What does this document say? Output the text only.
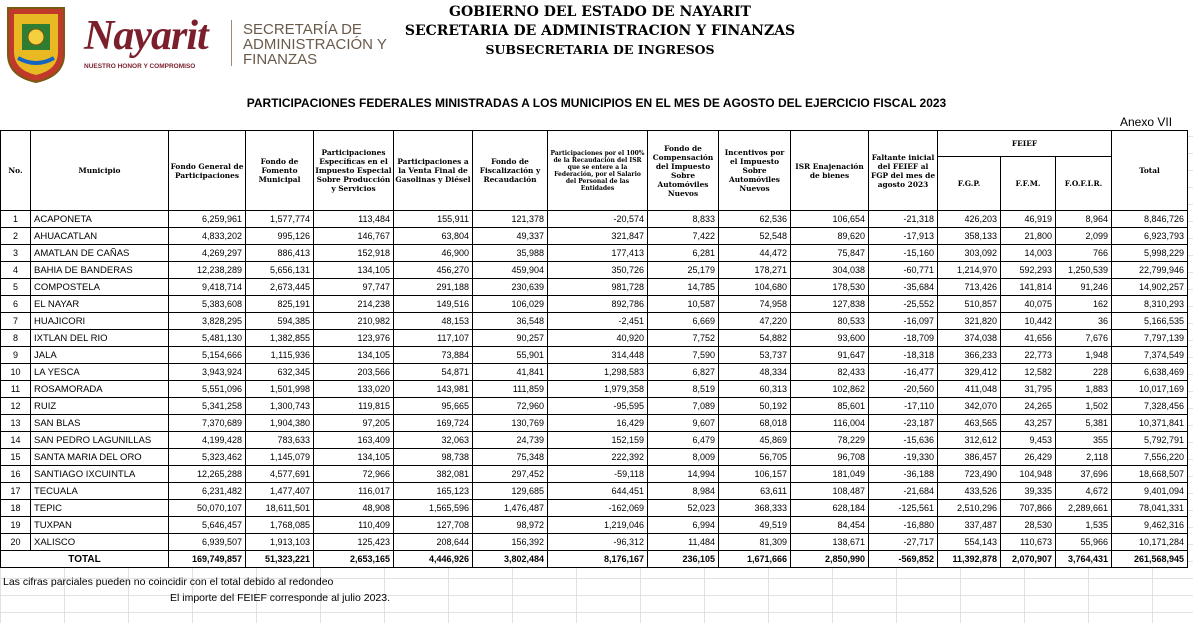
Nayarit
NUESTRO HONOR Y COMPROMISO
SECRETARÍA DE
ADMINISTRACIÓN Y
FINANZAS
GOBIERNO DEL ESTADO DE NAYARIT
SECRETARIA DE ADMINISTRACION Y FINANZAS
SUBSECRETARIA DE INGRESOS
PARTICIPACIONES FEDERALES MINISTRADAS A LOS MUNICIPIOS EN EL MES DE AGOSTO DEL EJERCICIO FISCAL 2023
Anexo VII
No.	Municipio	Fondo General de Participaciones	Fondo de Fomento Municipal	Participaciones Específicas en el Impuesto Especial Sobre Producción y Servicios	Participaciones a la Venta Final de Gasolinas y Diésel	Fondo de Fiscalización y Recaudación	Participaciones por el 100% de la Recaudación del ISR que se entere a la Federación, por el Salario del Personal de las Entidades	Fondo de Compensación del Impuesto Sobre Automóviles Nuevos	Incentivos por el Impuesto Sobre Automóviles Nuevos	ISR Enajenación de bienes	Faltante inicial del FEIEF al FGP del mes de agosto 2023	FEIEF			Total
												F.G.P.	F.F.M.	F.O.F.I.R.	
1	ACAPONETA	6,259,961	1,577,774	113,484	155,911	121,378	-20,574	8,833	62,536	106,654	-21,318	426,203	46,919	8,964	8,846,726
2	AHUACATLAN	4,833,202	995,126	146,767	63,804	49,337	321,847	7,422	52,548	89,620	-17,913	358,133	21,800	2,099	6,923,793
3	AMATLAN DE CAÑAS	4,269,297	886,413	152,918	46,900	35,988	177,413	6,281	44,472	75,847	-15,160	303,092	14,003	766	5,998,229
4	BAHIA DE BANDERAS	12,238,289	5,656,131	134,105	456,270	459,904	350,726	25,179	178,271	304,038	-60,771	1,214,970	592,293	1,250,539	22,799,946
5	COMPOSTELA	9,418,714	2,673,445	97,747	291,188	230,639	981,728	14,785	104,680	178,530	-35,684	713,426	141,814	91,246	14,902,257
6	EL NAYAR	5,383,608	825,191	214,238	149,516	106,029	892,786	10,587	74,958	127,838	-25,552	510,857	40,075	162	8,310,293
7	HUAJICORI	3,828,295	594,385	210,982	48,153	36,548	-2,451	6,669	47,220	80,533	-16,097	321,820	10,442	36	5,166,535
8	IXTLAN DEL RIO	5,481,130	1,382,855	123,976	117,107	90,257	40,920	7,752	54,882	93,600	-18,709	374,038	41,656	7,676	7,797,139
9	JALA	5,154,666	1,115,936	134,105	73,884	55,901	314,448	7,590	53,737	91,647	-18,318	366,233	22,773	1,948	7,374,549
10	LA YESCA	3,943,924	632,345	203,566	54,871	41,841	1,298,583	6,827	48,334	82,433	-16,477	329,412	12,582	228	6,638,469
11	ROSAMORADA	5,551,096	1,501,998	133,020	143,981	111,859	1,979,358	8,519	60,313	102,862	-20,560	411,048	31,795	1,883	10,017,169
12	RUIZ	5,341,258	1,300,743	119,815	95,665	72,960	-95,595	7,089	50,192	85,601	-17,110	342,070	24,265	1,502	7,328,456
13	SAN BLAS	7,370,689	1,904,380	97,205	169,724	130,769	16,429	9,607	68,018	116,004	-23,187	463,565	43,257	5,381	10,371,841
14	SAN PEDRO LAGUNILLAS	4,199,428	783,633	163,409	32,063	24,739	152,159	6,479	45,869	78,229	-15,636	312,612	9,453	355	5,792,791
15	SANTA MARIA DEL ORO	5,323,462	1,145,079	134,105	98,738	75,348	222,392	8,009	56,705	96,708	-19,330	386,457	26,429	2,118	7,556,220
16	SANTIAGO IXCUINTLA	12,265,288	4,577,691	72,966	382,081	297,452	-59,118	14,994	106,157	181,049	-36,188	723,490	104,948	37,696	18,668,507
17	TECUALA	6,231,482	1,477,407	116,017	165,123	129,685	644,451	8,984	63,611	108,487	-21,684	433,526	39,335	4,672	9,401,094
18	TEPIC	50,070,107	18,611,501	48,908	1,565,596	1,476,487	-162,069	52,023	368,333	628,184	-125,561	2,510,296	707,866	2,289,661	78,041,331
19	TUXPAN	5,646,457	1,768,085	110,409	127,708	98,972	1,219,046	6,994	49,519	84,454	-16,880	337,487	28,530	1,535	9,462,316
20	XALISCO	6,939,507	1,913,103	125,423	208,644	156,392	-96,312	11,484	81,309	138,671	-27,717	554,143	110,673	55,966	10,171,284
TOTAL		169,749,857	51,323,221	2,653,165	4,446,926	3,802,484	8,176,167	236,105	1,671,666	2,850,990	-569,852	11,392,878	2,070,907	3,764,431	261,568,945
Las cifras parciales pueden no coincidir con el total debido al redondeo
El importe del FEIEF corresponde al julio 2023.
